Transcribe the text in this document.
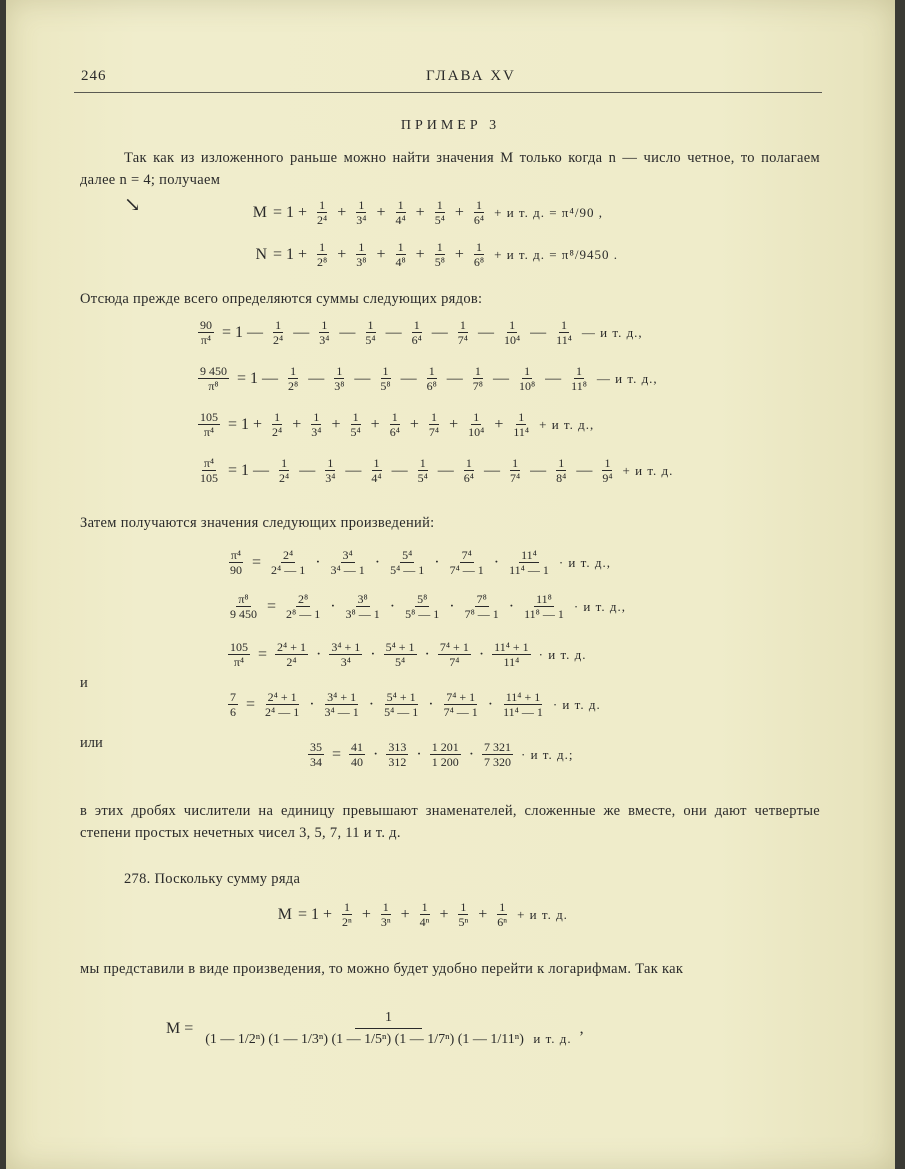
246	ГЛАВА XV
ПРИМЕР 3
Так как из изложенного раньше можно найти значения M только когда n — число четное, то полагаем далее n = 4; получаем
↘	$M = 1 + \frac{1}{\text{2⁴}} + \frac{1}{\text{3⁴}} + \frac{1}{\text{4⁴}} + \frac{1}{\text{5⁴}} + \frac{1}{\text{6⁴}} + и$ т. д. = π⁴/90 ,
$N = 1 + \frac{1}{\text{2⁸}} + \frac{1}{\text{3⁸}} + \frac{1}{\text{4⁸}} + \frac{1}{\text{5⁸}} + \frac{1}{\text{6⁸}} + и$ т. д. = π⁸/9450 .
Отсюда прежде всего определяются суммы следующих рядов:
$\frac{90}{\text{π⁴}} = 1$ — $\frac{1}{\text{2⁴}}$ — $\frac{1}{\text{3⁴}}$ — $\frac{1}{\text{5⁴}}$ — $\frac{1}{\text{6⁴}}$ — $\frac{1}{\text{7⁴}}$ — $\frac{1}{\text{10⁴}}$ — $\frac{1}{\text{11⁴}}$ — и т. д.,
$\frac{9 450}{\text{π⁸}} = 1$ — $\frac{1}{\text{2⁸}}$ — $\frac{1}{\text{3⁸}}$ — $\frac{1}{\text{5⁸}}$ — $\frac{1}{\text{6⁸}}$ — $\frac{1}{\text{7⁸}}$ — $\frac{1}{\text{10⁸}}$ — $\frac{1}{\text{11⁸}}$ — и т. д.,
$\frac{105}{\text{π⁴}} = 1 + \frac{1}{\text{2⁴}} + \frac{1}{\text{3⁴}} + \frac{1}{\text{5⁴}} + \frac{1}{\text{6⁴}} + \frac{1}{\text{7⁴}} + \frac{1}{\text{10⁴}} + \frac{1}{\text{11⁴}} + и$ т. д.,
$\frac{\text{π⁴}}{105} = 1$ — $\frac{1}{\text{2⁴}}$ — $\frac{1}{\text{3⁴}}$ — $\frac{1}{\text{4⁴}}$ — $\frac{1}{\text{5⁴}}$ — $\frac{1}{\text{6⁴}}$ — $\frac{1}{\text{7⁴}}$ — $\frac{1}{\text{8⁴}}$ — $\frac{1}{\text{9⁴}} + и$ т. д.
Затем получаются значения следующих произведений:
$\frac{\text{π⁴}}{90} = \frac{\text{2⁴}}{\text{2⁴ — 1}} \cdot \frac{\text{3⁴}}{\text{3⁴ — 1}} \cdot \frac{\text{5⁴}}{\text{5⁴ — 1}} \cdot \frac{\text{7⁴}}{\text{7⁴ — 1}} \cdot \frac{\text{11⁴}}{\text{11⁴ — 1}} \cdot и$ т. д.,
$\frac{\text{π⁸}}{9 450} = \frac{\text{2⁸}}{\text{2⁸ — 1}} \cdot \frac{\text{3⁸}}{\text{3⁸ — 1}} \cdot \frac{\text{5⁸}}{\text{5⁸ — 1}} \cdot \frac{\text{7⁸}}{\text{7⁸ — 1}} \cdot \frac{\text{11⁸}}{\text{11⁸ — 1}} \cdot и$ т. д.,
$\frac{105}{\text{π⁴}} = \frac{\text{2⁴ + 1}}{\text{2⁴}} \cdot \frac{\text{3⁴ + 1}}{\text{3⁴}} \cdot \frac{\text{5⁴ + 1}}{\text{5⁴}} \cdot \frac{\text{7⁴ + 1}}{\text{7⁴}} \cdot \frac{\text{11⁴ + 1}}{\text{11⁴}} \cdot и$ т. д.
и
$\frac{7}{6} = \frac{\text{2⁴ + 1}}{\text{2⁴ — 1}} \cdot \frac{\text{3⁴ + 1}}{\text{3⁴ — 1}} \cdot \frac{\text{5⁴ + 1}}{\text{5⁴ — 1}} \cdot \frac{\text{7⁴ + 1}}{\text{7⁴ — 1}} \cdot \frac{\text{11⁴ + 1}}{\text{11⁴ — 1}} \cdot и$ т. д.
или	$\frac{35}{34} = \frac{41}{40} \cdot \frac{313}{312} \cdot \frac{1 201}{1 200} \cdot \frac{7 321}{7 320} \cdot и$ т. д.;
в этих дробях числители на единицу превышают знаменателей, сложенные же вместе, они дают четвертые степени простых нечетных чисел 3, 5, 7, 11 и т. д.
278. Поскольку сумму ряда
$M = 1 + \frac{1}{\text{2ⁿ}} + \frac{1}{\text{3ⁿ}} + \frac{1}{\text{4ⁿ}} + \frac{1}{\text{5ⁿ}} + \frac{1}{\text{6ⁿ}} + и$ т. д.
мы представили в виде произведения, то можно будет удобно перейти к логарифмам. Так как
M =
1
(1 — 1/2ⁿ) (1 — 1/3ⁿ) (1 — 1/5ⁿ) (1 — 1/7ⁿ) (1 — 1/11ⁿ) и т. д.
,
